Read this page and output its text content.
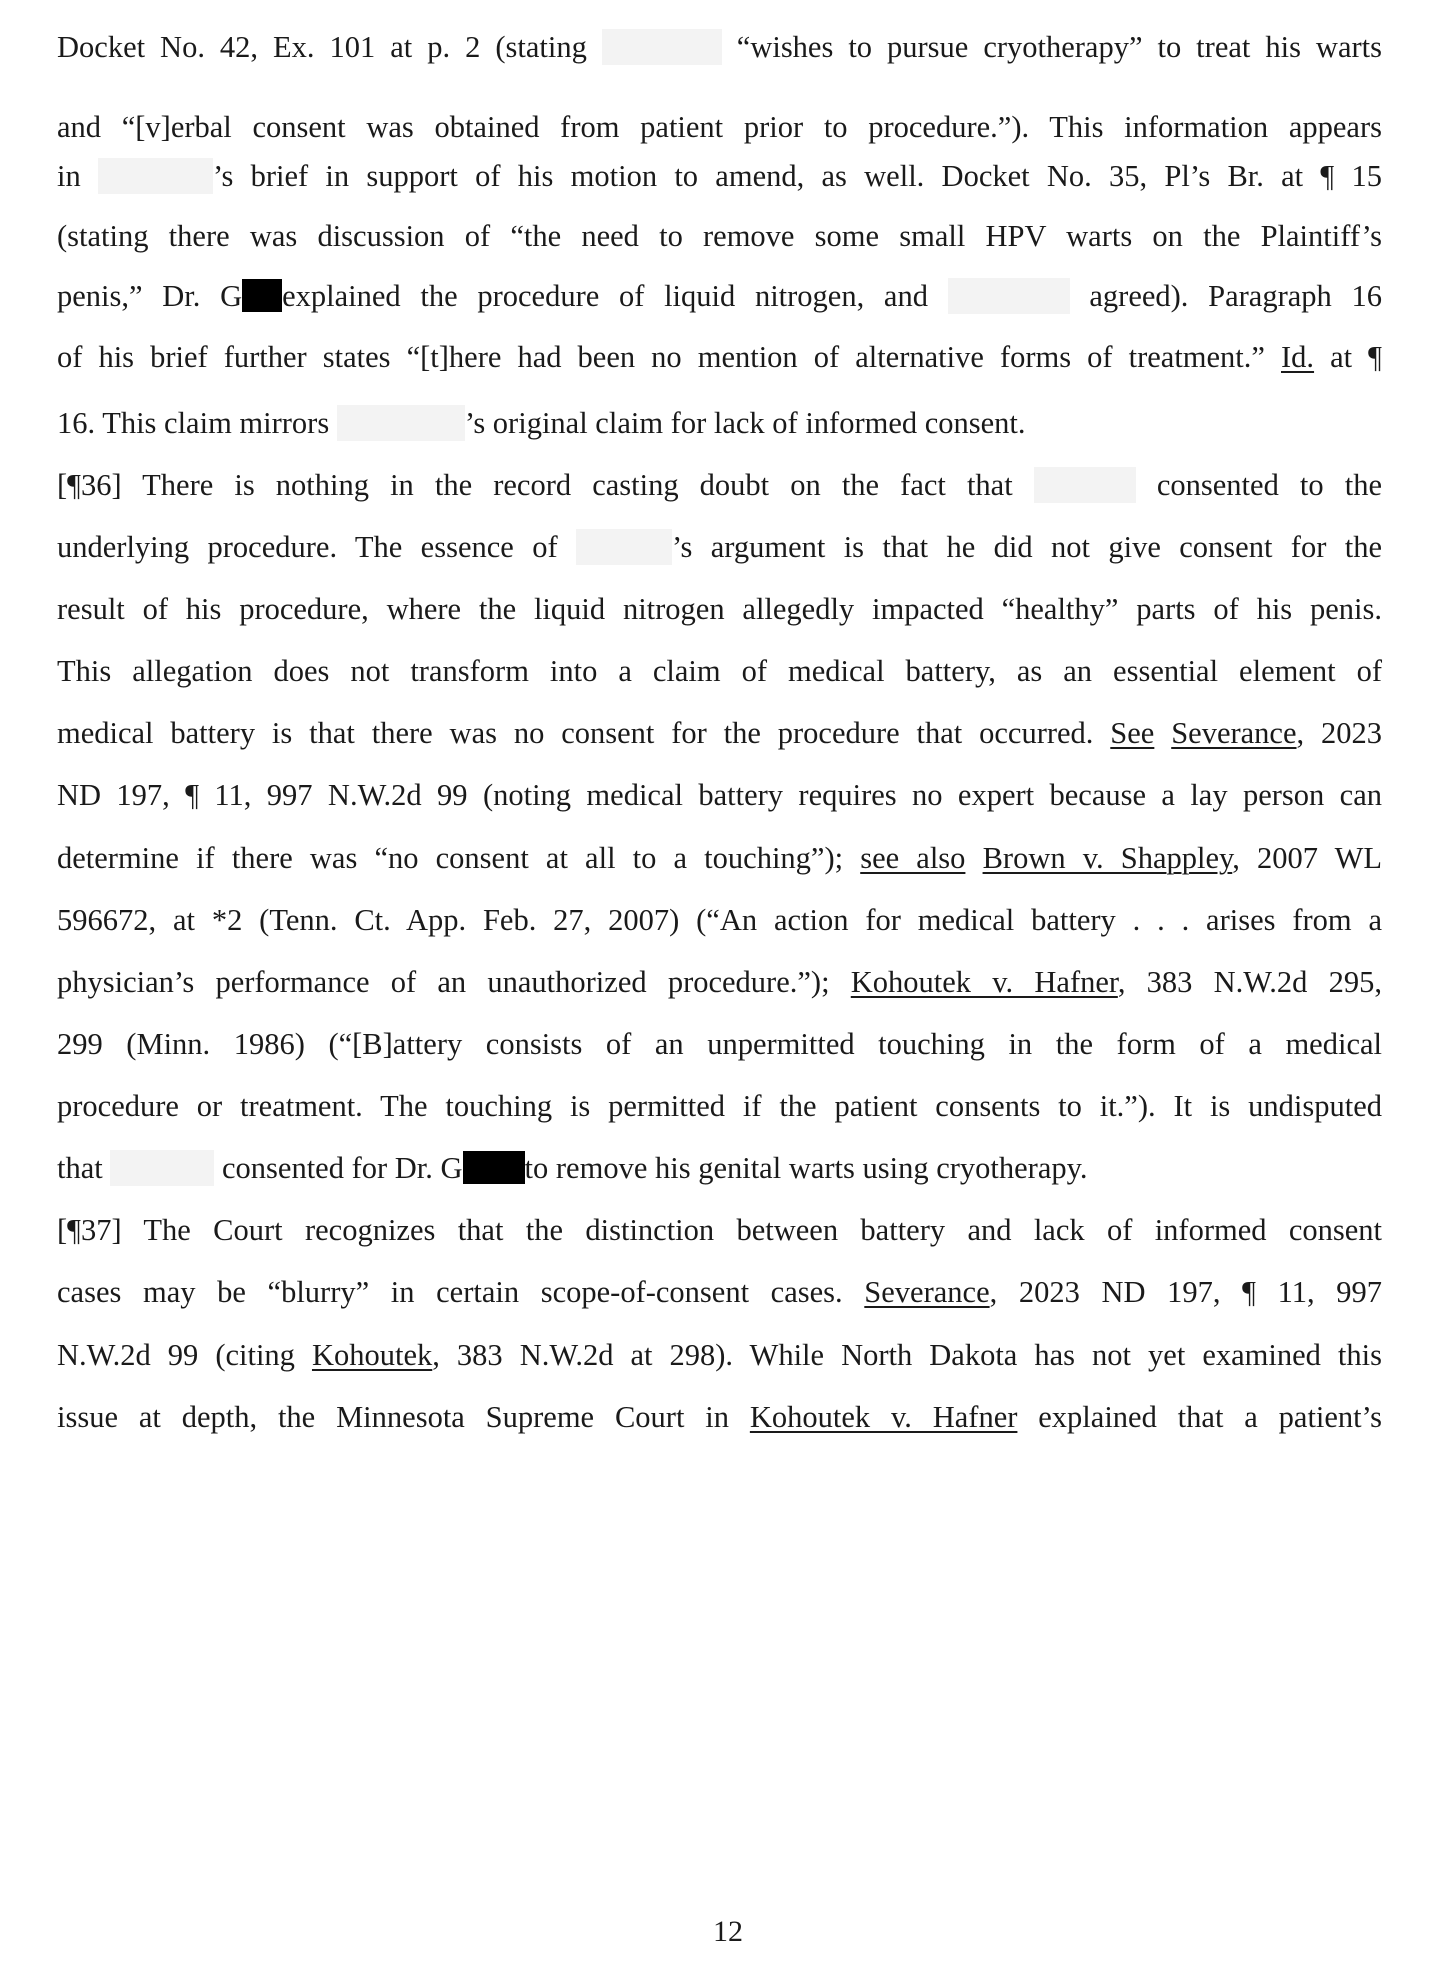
Docket No. 42, Ex. 101 at p. 2 (stating	“wishes to pursue cryotherapy” to treat his warts
and “[v]erbal consent was obtained from patient prior to procedure.”). This information appears
in	’s brief in support of his motion to amend, as well. Docket No. 35, Pl’s Br. at ¶ 15
(stating there was discussion of “the need to remove some small HPV warts on the Plaintiff’s
penis,” Dr. G explained the procedure of liquid nitrogen, and	agreed). Paragraph 16
of his brief further states “[t]here had been no mention of alternative forms of treatment.” Id. at ¶
16. This claim mirrors	’s original claim for lack of informed consent.
[¶36] There is nothing in the record casting doubt on the fact that	consented to the
underlying procedure. The essence of	’s argument is that he did not give consent for the
result of his procedure, where the liquid nitrogen allegedly impacted “healthy” parts of his penis.
This allegation does not transform into a claim of medical battery, as an essential element of
medical battery is that there was no consent for the procedure that occurred. See Severance, 2023
ND 197, ¶ 11, 997 N.W.2d 99 (noting medical battery requires no expert because a lay person can
determine if there was “no consent at all to a touching”); see also Brown v. Shappley, 2007 WL
596672, at *2 (Tenn. Ct. App. Feb. 27, 2007) (“An action for medical battery . . . arises from a
physician’s performance of an unauthorized procedure.”); Kohoutek v. Hafner, 383 N.W.2d 295,
299 (Minn. 1986) (“[B]attery consists of an unpermitted touching in the form of a medical
procedure or treatment. The touching is permitted if the patient consents to it.”). It is undisputed
that	consented for Dr. G to remove his genital warts using cryotherapy.
[¶37] The Court recognizes that the distinction between battery and lack of informed consent
cases may be “blurry” in certain scope-of-consent cases. Severance, 2023 ND 197, ¶ 11, 997
N.W.2d 99 (citing Kohoutek, 383 N.W.2d at 298). While North Dakota has not yet examined this
issue at depth, the Minnesota Supreme Court in Kohoutek v. Hafner explained that a patient’s
12
